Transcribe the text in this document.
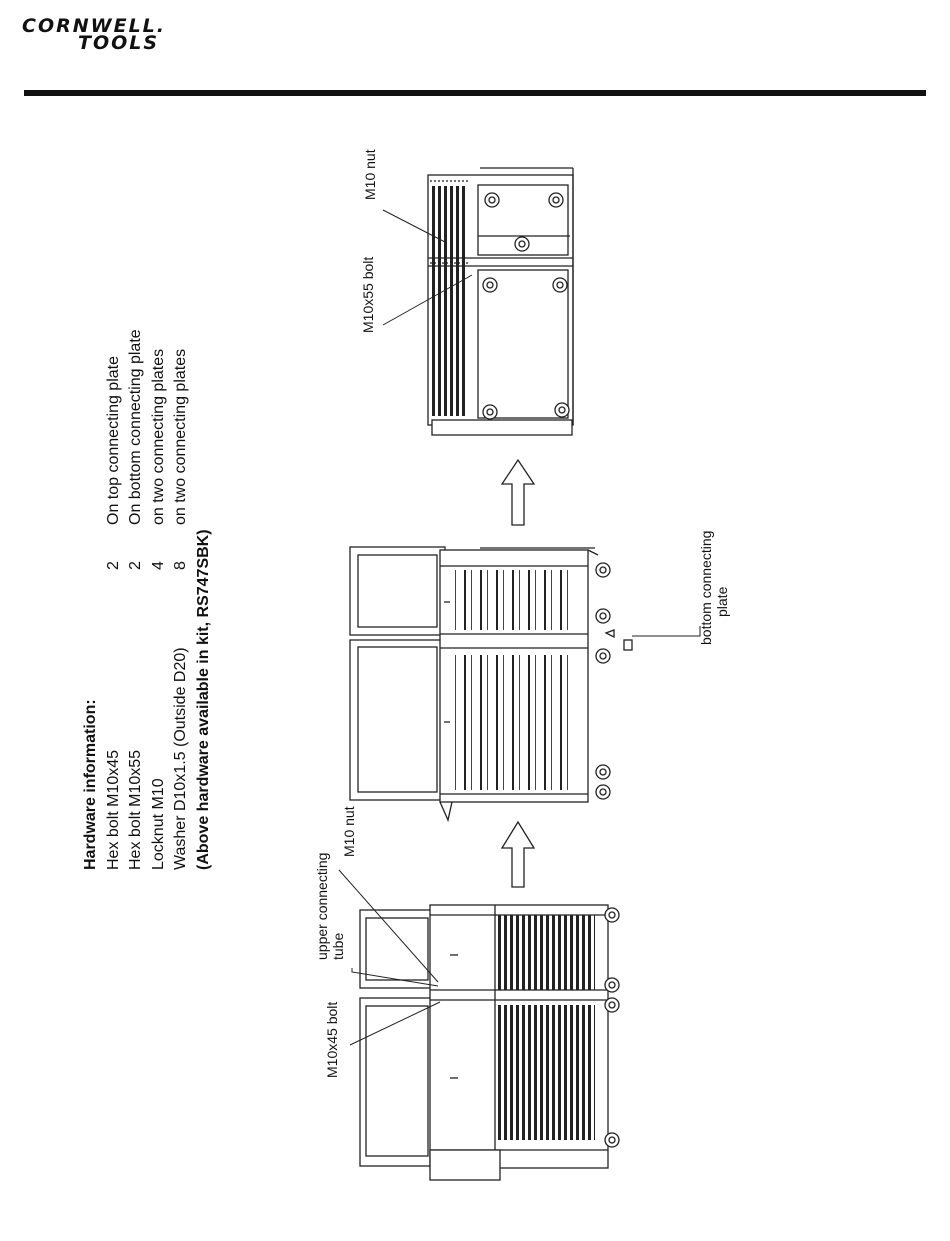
CORNWELL.
TOOLS
Hardware information: Hex bolt M10x45
2
On top connecting plate
Hex bolt M10x55
2
On bottom connecting plate
Locknut M10
4
on two connecting plates
Washer D10x1.5 (Outside D20)
8
on two connecting plates
(Above hardware available in kit, RS747SBK)
M10 nut
M10x55 bolt
bottom connecting plate
M10 nut
upper connecting tube
M10x45 bolt
